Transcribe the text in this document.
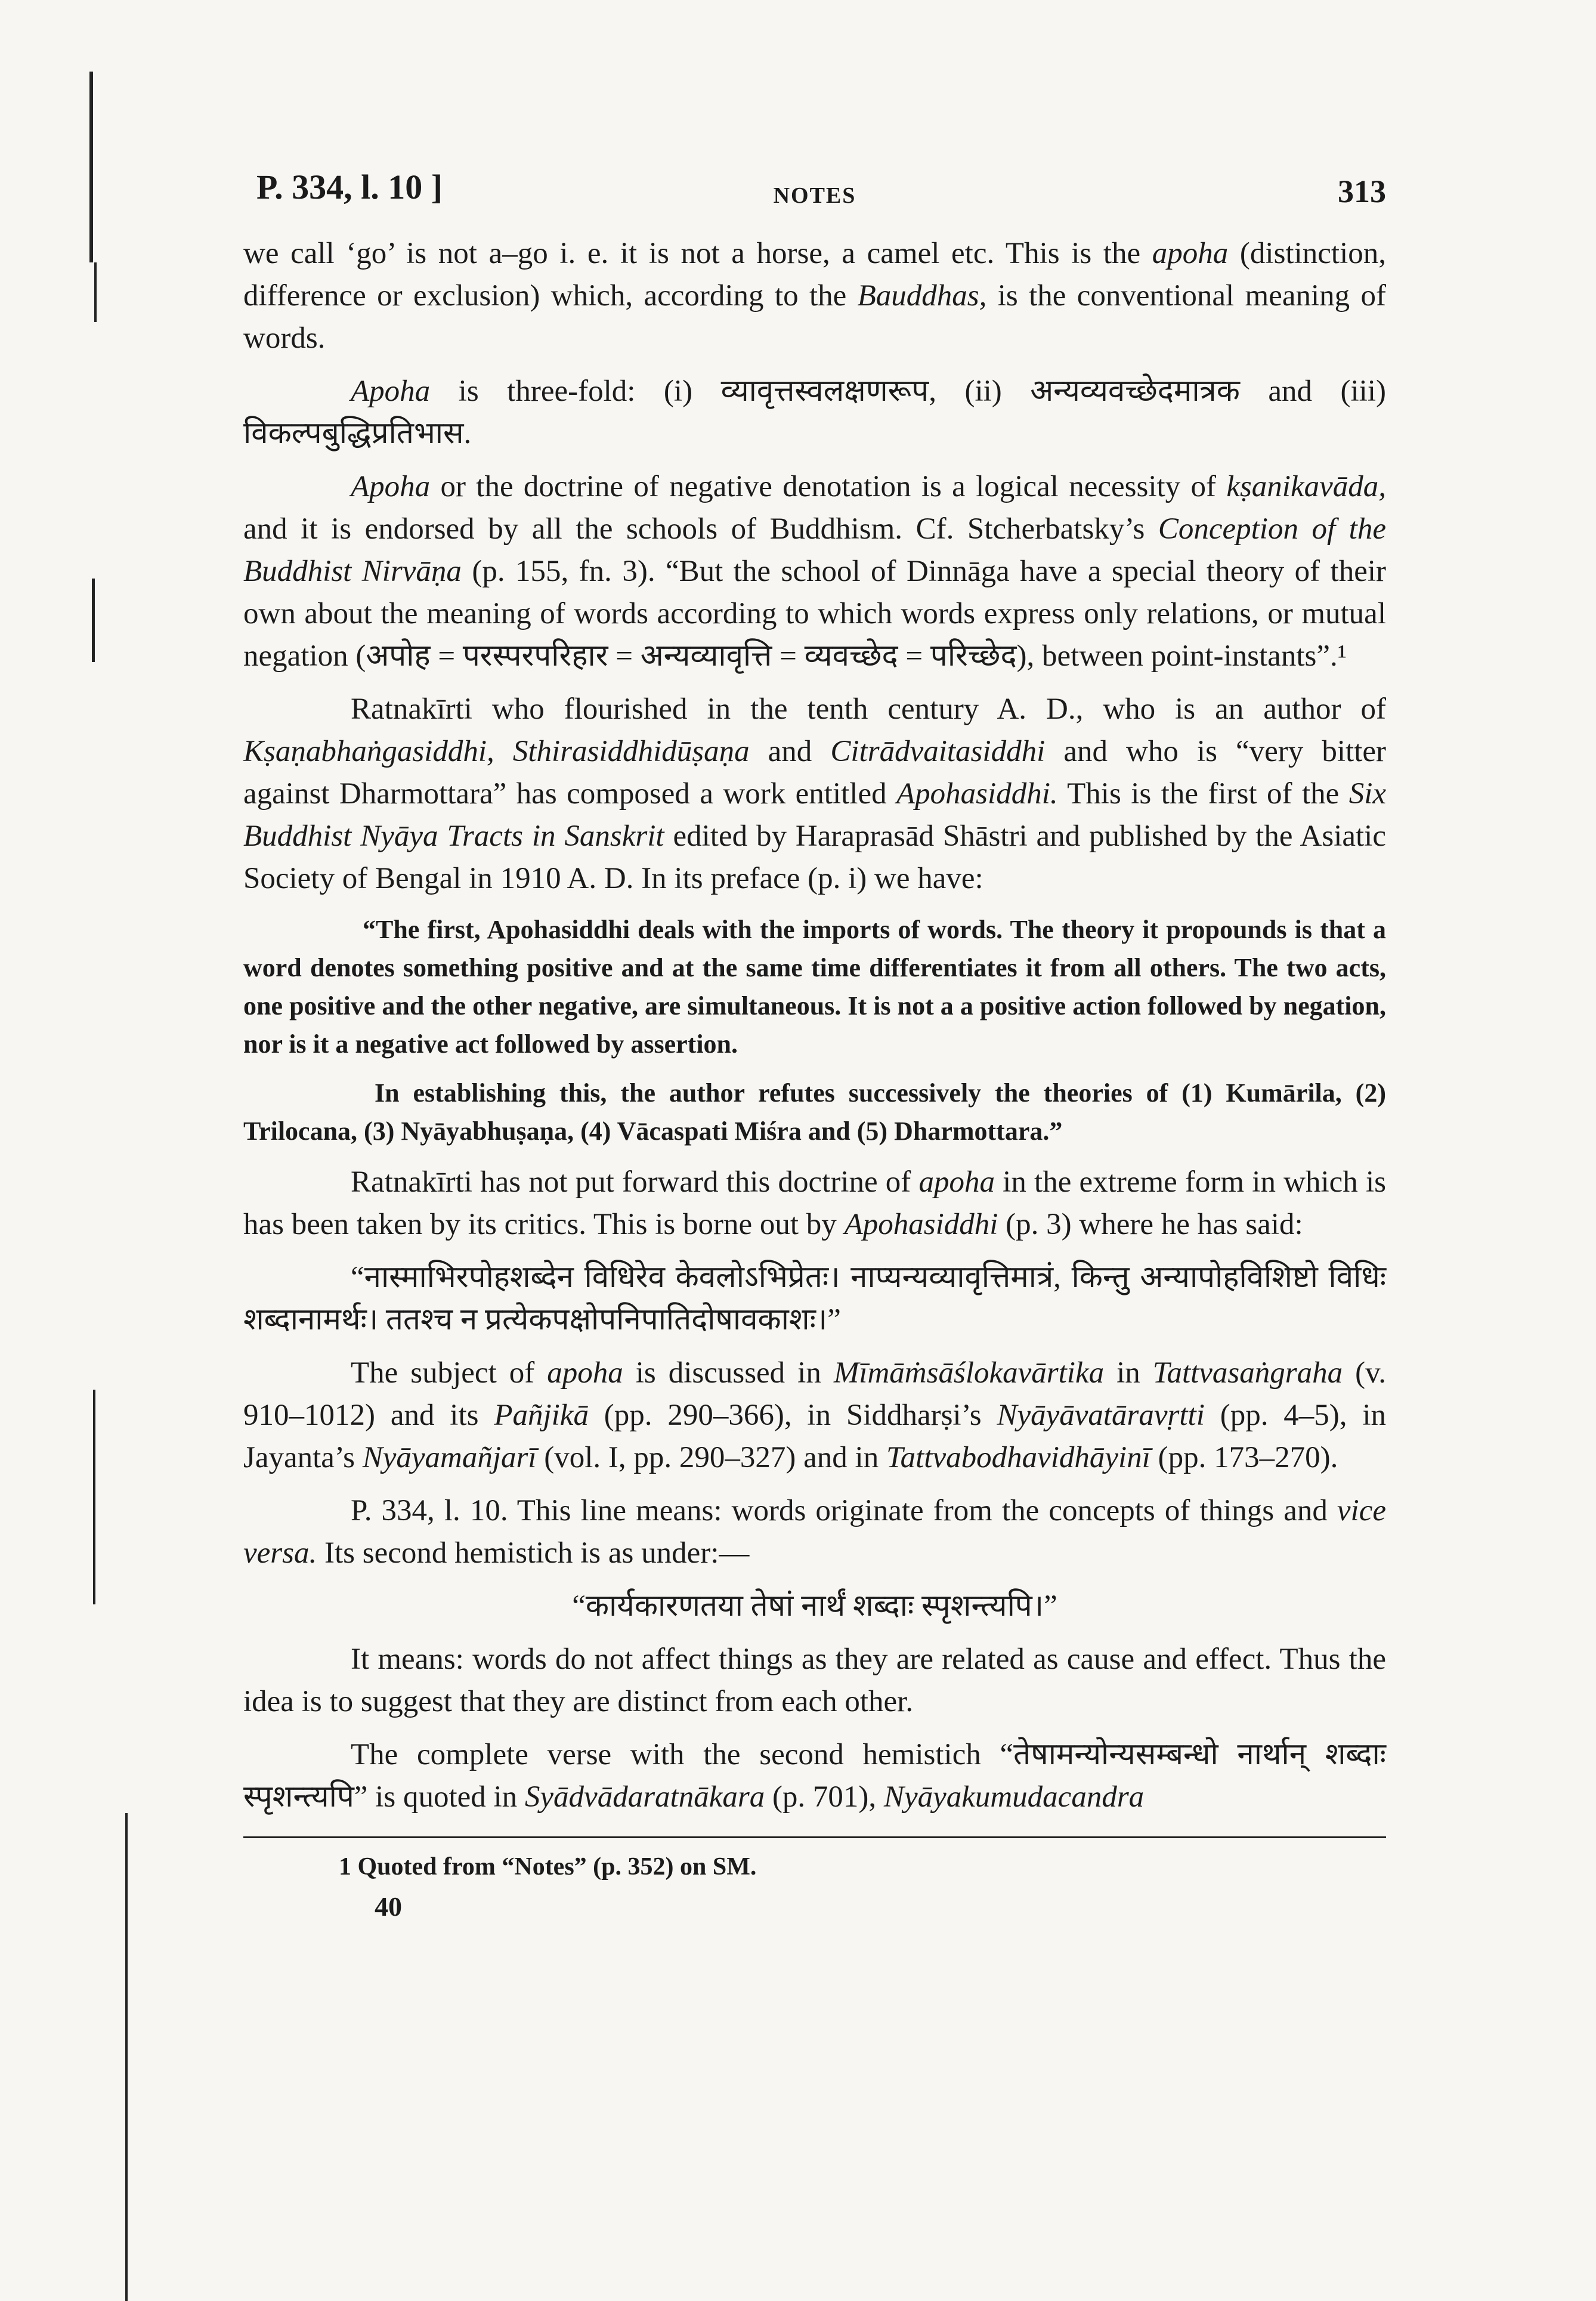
P. 334, l. 10 ]	NOTES	313

we call ‘go’ is not a–go i. e. it is not a horse, a camel etc. This is the apoha (distinction, difference or exclusion) which, according to the Bauddhas, is the conventional meaning of words.

Apoha is three-fold: (i) व्यावृत्तस्वलक्षणरूप, (ii) अन्यव्यवच्छेदमात्रक and (iii) विकल्पबुद्धिप्रतिभास.

Apoha or the doctrine of negative denotation is a logical necessity of kṣanikavāda, and it is endorsed by all the schools of Buddhism. Cf. Stcherbatsky’s Conception of the Buddhist Nirvāṇa (p. 155, fn. 3). “But the school of Dinnāga have a special theory of their own about the meaning of words according to which words express only relations, or mutual negation (अपोह = परस्परपरिहार = अन्यव्यावृत्ति = व्यवच्छेद = परिच्छेद), between point-instants”.¹

Ratnakīrti who flourished in the tenth century A. D., who is an author of Kṣaṇabhaṅgasiddhi, Sthirasiddhidūṣaṇa and Citrādvaitasiddhi and who is “very bitter against Dharmottara” has composed a work entitled Apohasiddhi. This is the first of the Six Buddhist Nyāya Tracts in Sanskrit edited by Haraprasād Shāstri and published by the Asiatic Society of Bengal in 1910 A. D. In its preface (p. i) we have:

“The first, Apohasiddhi deals with the imports of words. The theory it propounds is that a word denotes something positive and at the same time differentiates it from all others. The two acts, one positive and the other negative, are simultaneous. It is not a a positive action followed by negation, nor is it a negative act followed by assertion.

In establishing this, the author refutes successively the theories of (1) Kumārila, (2) Trilocana, (3) Nyāyabhuṣaṇa, (4) Vācaspati Miśra and (5) Dharmottara.”

Ratnakīrti has not put forward this doctrine of apoha in the extreme form in which is has been taken by its critics. This is borne out by Apohasiddhi (p. 3) where he has said:

“नास्माभिरपोहशब्देन विधिरेव केवलोऽभिप्रेतः। नाप्यन्यव्यावृत्तिमात्रं, किन्तु अन्यापोहविशिष्टो विधिः शब्दानामर्थः। ततश्च न प्रत्येकपक्षोपनिपातिदोषावकाशः।”

The subject of apoha is discussed in Mīmāṁsāślokavārtika in Tattvasaṅgraha (v. 910–1012) and its Pañjikā (pp. 290–366), in Siddharṣi’s Nyāyāvatāravṛtti (pp. 4–5), in Jayanta’s Nyāyamañjarī (vol. I, pp. 290–327) and in Tattvabodhavidhāyinī (pp. 173–270).

P. 334, l. 10. This line means: words originate from the concepts of things and vice versa. Its second hemistich is as under:—

“कार्यकारणतया तेषां नार्थं शब्दाः स्पृशन्त्यपि।”

It means: words do not affect things as they are related as cause and effect. Thus the idea is to suggest that they are distinct from each other.

The complete verse with the second hemistich “तेषामन्योन्यसम्बन्धो नार्थान् शब्दाः स्पृशन्त्यपि” is quoted in Syādvādaratnākara (p. 701), Nyāyakumudacandra

1 Quoted from “Notes” (p. 352) on SM.
40
